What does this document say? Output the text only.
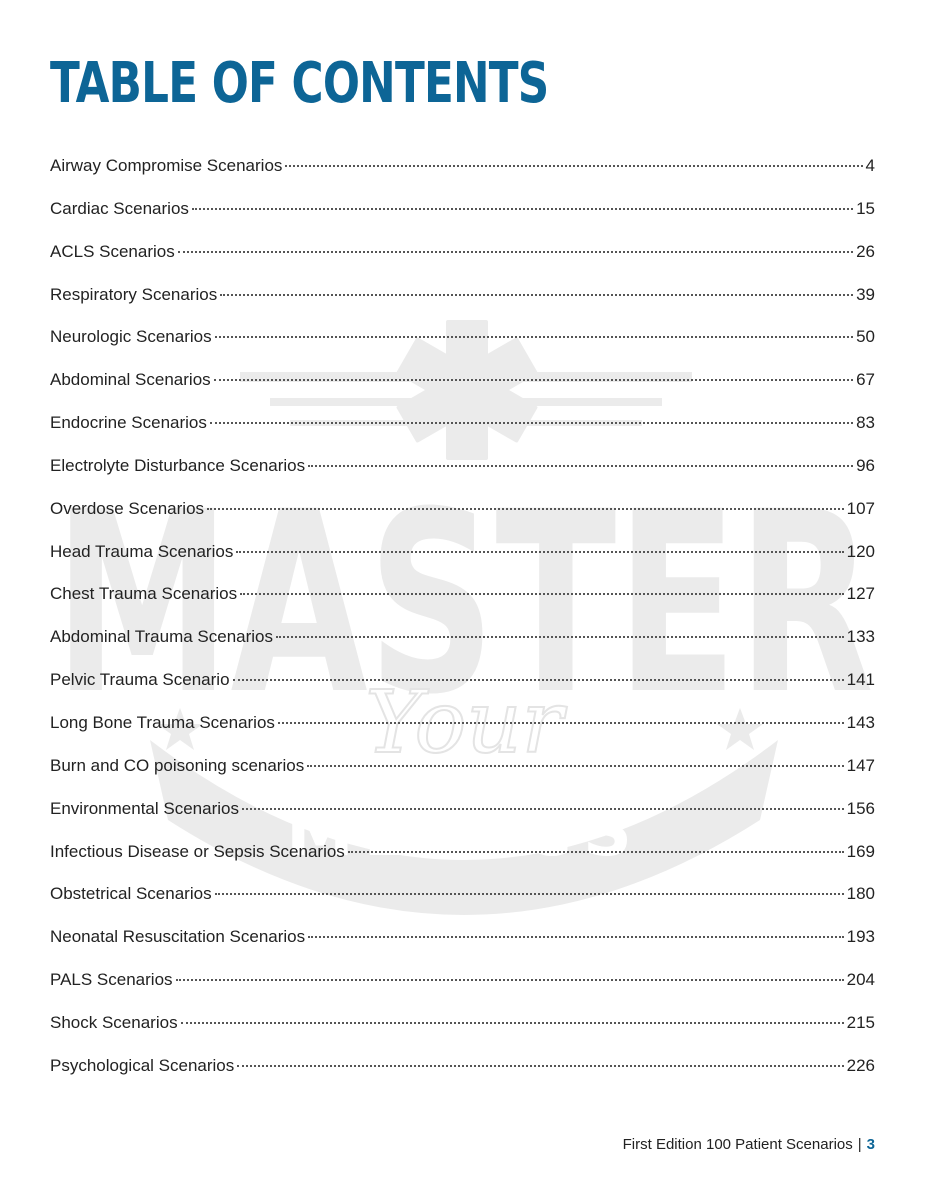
MASTER
Your
MEDICS
TABLE OF CONTENTS
Airway Compromise Scenarios	4
Cardiac Scenarios	15
ACLS Scenarios	26
Respiratory Scenarios	39
Neurologic Scenarios	50
Abdominal Scenarios	67
Endocrine Scenarios	83
Electrolyte Disturbance Scenarios	96
Overdose Scenarios	107
Head Trauma Scenarios	120
Chest Trauma Scenarios	127
Abdominal Trauma Scenarios	133
Pelvic Trauma Scenario	141
Long Bone Trauma Scenarios	143
Burn and CO poisoning scenarios	147
Environmental Scenarios	156
Infectious Disease or Sepsis Scenarios	169
Obstetrical Scenarios	180
Neonatal Resuscitation Scenarios	193
PALS Scenarios	204
Shock Scenarios	215
Psychological Scenarios	226
First Edition 100 Patient Scenarios | 3
